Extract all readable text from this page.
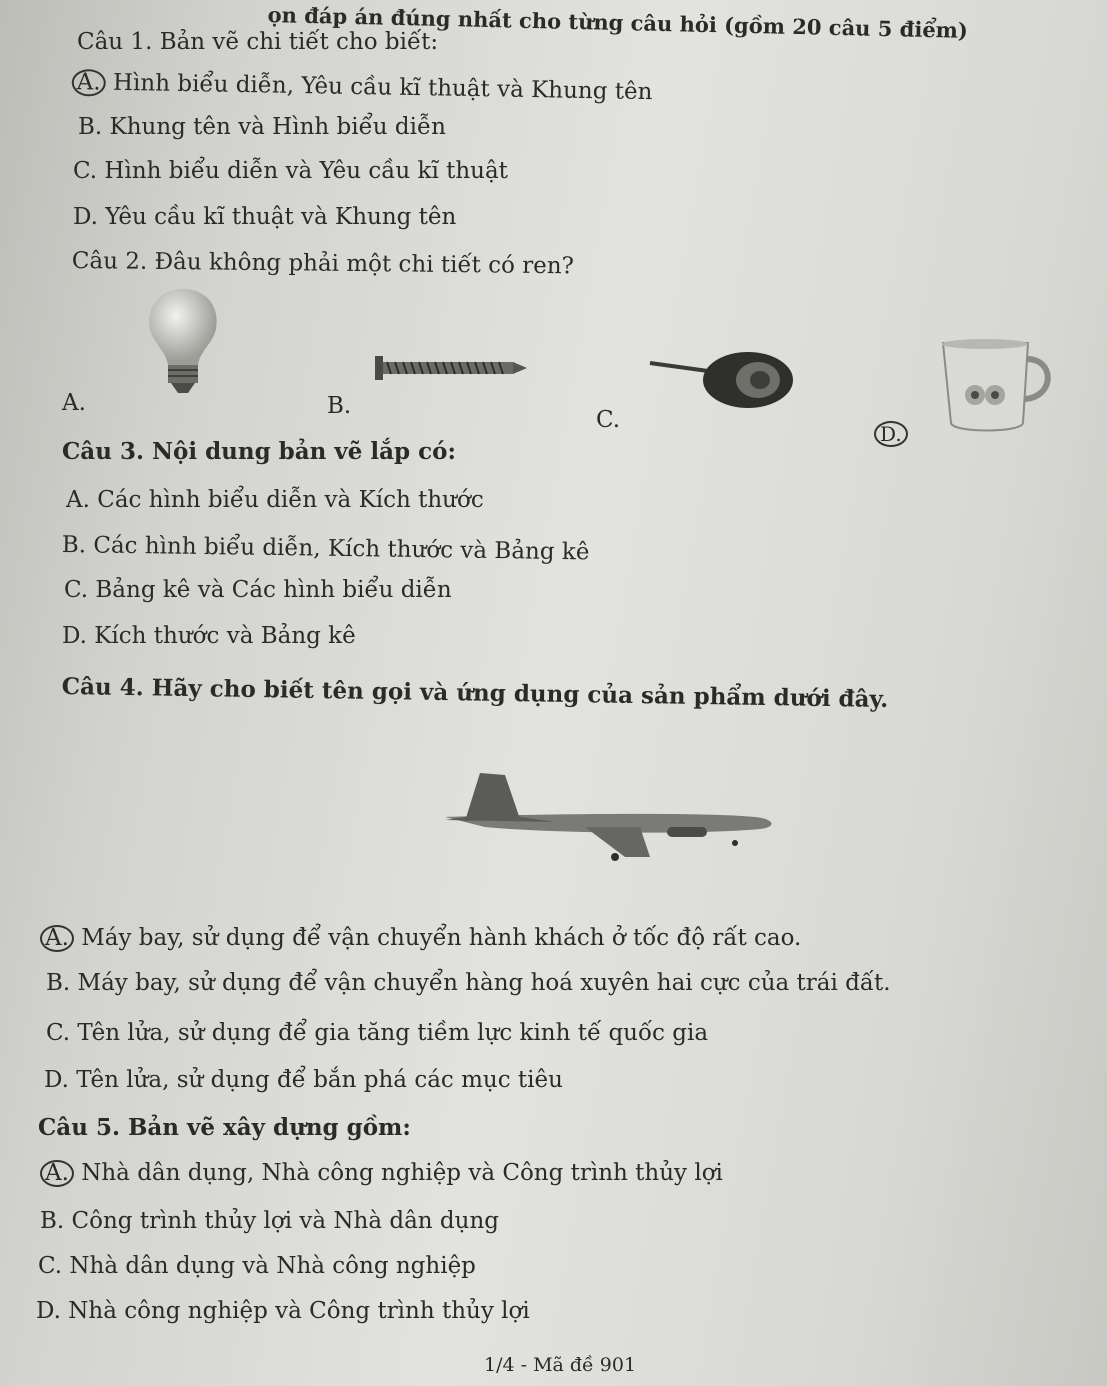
ọn đáp án đúng nhất cho từng câu hỏi (gồm 20 câu 5 điểm)
Câu 1. Bản vẽ chi tiết cho biết:
A. Hình biểu diễn, Yêu cầu kĩ thuật và Khung tên
B. Khung tên và Hình biểu diễn
C. Hình biểu diễn và Yêu cầu kĩ thuật
D. Yêu cầu kĩ thuật và Khung tên
Câu 2. Đâu không phải một chi tiết có ren?
A.	B.
C.
D.
Câu 3. Nội dung bản vẽ lắp có:
A. Các hình biểu diễn và Kích thước
B. Các hình biểu diễn, Kích thước và Bảng kê
C. Bảng kê và Các hình biểu diễn
D. Kích thước và Bảng kê
Câu 4. Hãy cho biết tên gọi và ứng dụng của sản phẩm dưới đây.
A. Máy bay, sử dụng để vận chuyển hành khách ở tốc độ rất cao.
B. Máy bay, sử dụng để vận chuyển hàng hoá xuyên hai cực của trái đất.
C. Tên lửa, sử dụng để gia tăng tiềm lực kinh tế quốc gia
D. Tên lửa, sử dụng để bắn phá các mục tiêu
Câu 5. Bản vẽ xây dựng gồm:
A. Nhà dân dụng, Nhà công nghiệp và Công trình thủy lợi
B. Công trình thủy lợi và Nhà dân dụng
C. Nhà dân dụng và Nhà công nghiệp
D. Nhà công nghiệp và Công trình thủy lợi
1/4 - Mã đề 901
